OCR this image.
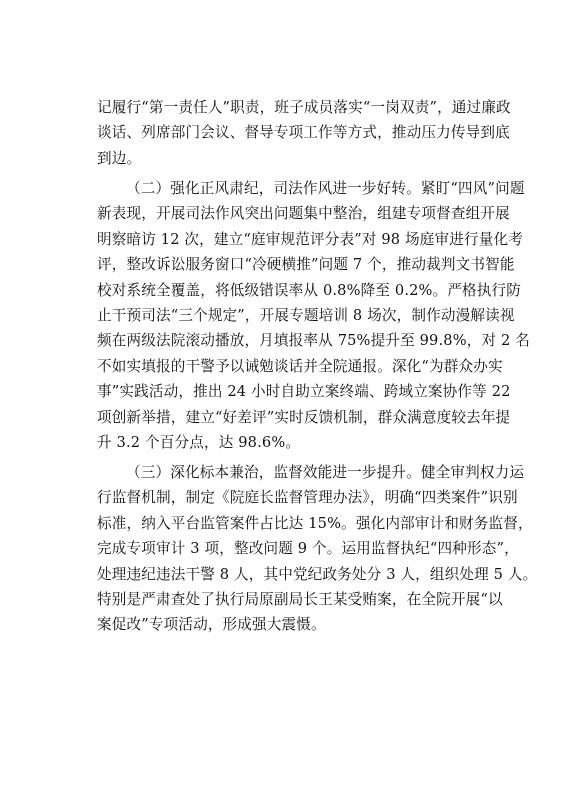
记履行“第一责任人”职责，班子成员落实“一岗双责”，通过廉政
谈话、列席部门会议、督导专项工作等方式，推动压力传导到底
到边。
（二）强化正风肃纪，司法作风进一步好转。紧盯“四风”问题
新表现，开展司法作风突出问题集中整治，组建专项督查组开展
明察暗访 12 次，建立“庭审规范评分表”对 98 场庭审进行量化考
评，整改诉讼服务窗口“冷硬横推”问题 7 个，推动裁判文书智能
校对系统全覆盖，将低级错误率从 0.8%降至 0.2%。严格执行防
止干预司法“三个规定”，开展专题培训 8 场次，制作动漫解读视
频在两级法院滚动播放，月填报率从 75%提升至 99.8%，对 2 名
不如实填报的干警予以诫勉谈话并全院通报。深化“为群众办实
事”实践活动，推出 24 小时自助立案终端、跨域立案协作等 22
项创新举措，建立“好差评”实时反馈机制，群众满意度较去年提
升 3.2 个百分点，达 98.6%。
（三）深化标本兼治，监督效能进一步提升。健全审判权力运
行监督机制，制定《院庭长监督管理办法》，明确“四类案件”识别
标准，纳入平台监管案件占比达 15%。强化内部审计和财务监督，
完成专项审计 3 项，整改问题 9 个。运用监督执纪“四种形态”，
处理违纪违法干警 8 人，其中党纪政务处分 3 人，组织处理 5 人。
特别是严肃查处了执行局原副局长王某受贿案，在全院开展“以
案促改”专项活动，形成强大震慑。
